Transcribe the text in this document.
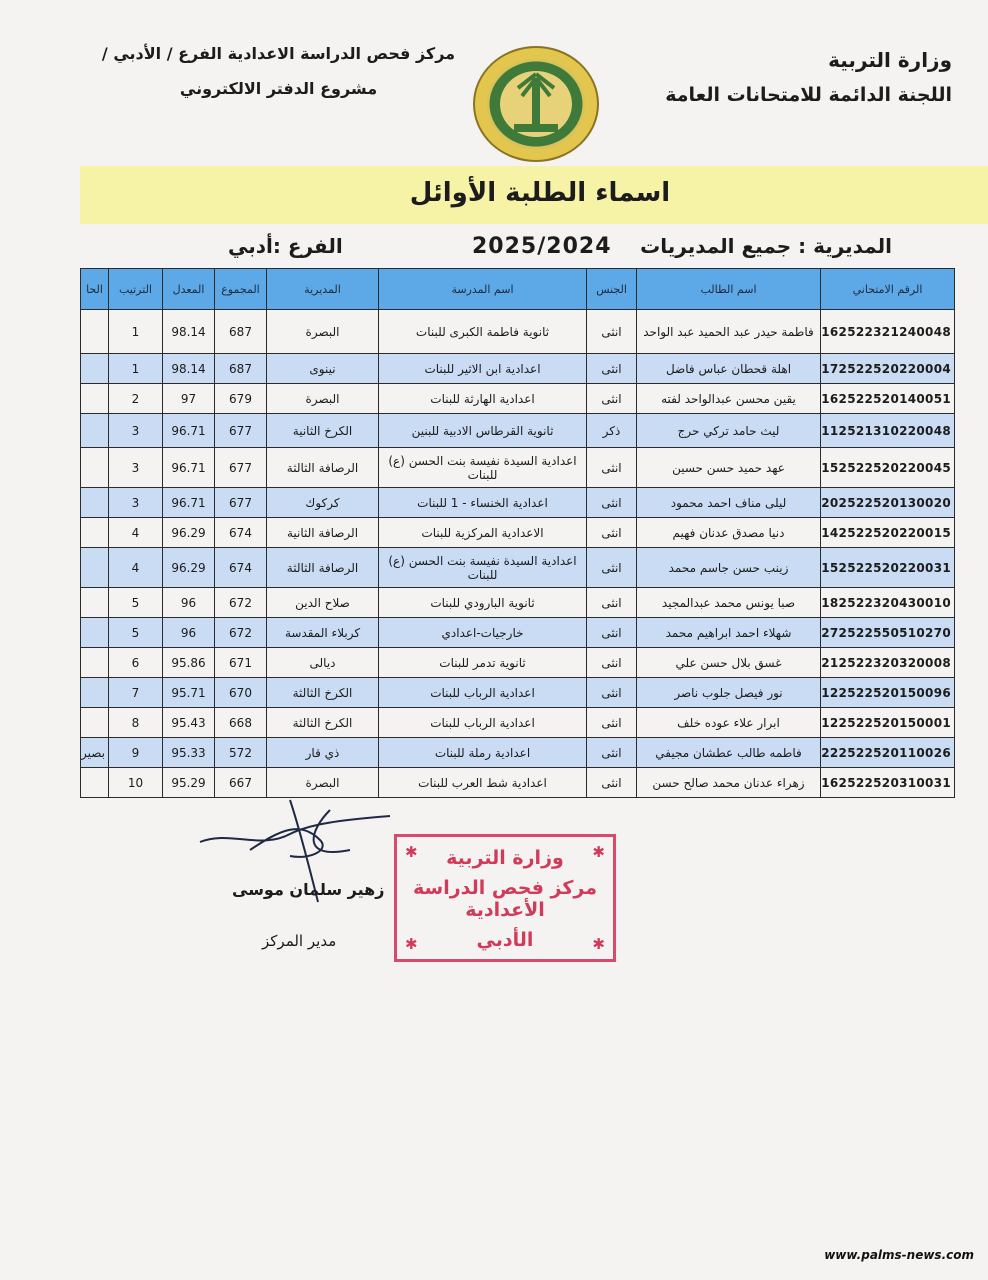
وزارة التربية
اللجنة الدائمة للامتحانات العامة
مركز فحص الدراسة الاعدادية الفرع / الأدبي /
مشروع الدفتر الالكتروني
اسماء الطلبة الأوائل
المديرية : جميع المديريات
2025/2024
الفرع :أدبي
الرقم الامتحاني	اسم الطالب	الجنس	اسم المدرسة	المديرية	المجموع	المعدل	الترتيب	الحا
162522321240048	فاطمة حيدر عبد الحميد عبد الواحد	انثى	ثانوية فاطمة الكبرى للبنات	البصرة	687	98.14	1	
172522520220004	اهلة قحطان عباس فاضل	انثى	اعدادية ابن الاثير للبنات	نينوى	687	98.14	1	
162522520140051	يقين محسن عبدالواحد لفته	انثى	اعدادية الهارثة للبنات	البصرة	679	97	2	
112521310220048	ليث حامد تركي حرج	ذكر	ثانوية القرطاس الادبية للبنين	الكرخ الثانية	677	96.71	3	
152522520220045	عهد حميد حسن حسين	انثى	اعدادية السيدة نفيسة بنت الحسن (ع) للبنات	الرصافة الثالثة	677	96.71	3	
202522520130020	ليلى مناف احمد محمود	انثى	اعدادية الخنساء - 1 للبنات	كركوك	677	96.71	3	
142522520220015	دنيا مصدق عدنان فهيم	انثى	الاعدادية المركزية للبنات	الرصافة الثانية	674	96.29	4	
152522520220031	زينب حسن جاسم محمد	انثى	اعدادية السيدة نفيسة بنت الحسن (ع) للبنات	الرصافة الثالثة	674	96.29	4	
182522320430010	صبا يونس محمد عبدالمجيد	انثى	ثانوية البارودي للبنات	صلاح الدين	672	96	5	
272522550510270	شهلاء احمد ابراهيم محمد	انثى	خارجيات-اعدادي	كربلاء المقدسة	672	96	5	
212522320320008	غسق بلال حسن علي	انثى	ثانوية تدمر للبنات	ديالى	671	95.86	6	
122522520150096	نور فيصل جلوب ناصر	انثى	اعدادية الرباب للبنات	الكرخ الثالثة	670	95.71	7	
122522520150001	ابرار علاء عوده خلف	انثى	اعدادية الرباب للبنات	الكرخ الثالثة	668	95.43	8	
222522520110026	فاطمه طالب عطشان مجيفي	انثى	اعدادية رملة للبنات	ذي قار	572	95.33	9	بصير
162522520310031	زهراء عدنان محمد صالح حسن	انثى	اعدادية شط العرب للبنات	البصرة	667	95.29	10	
زهير سلمان موسى
مدير المركز
✱	✱
✱	✱
وزارة التربية
مركز فحص الدراسة الأعدادية
الأدبي
www.palms-news.com
